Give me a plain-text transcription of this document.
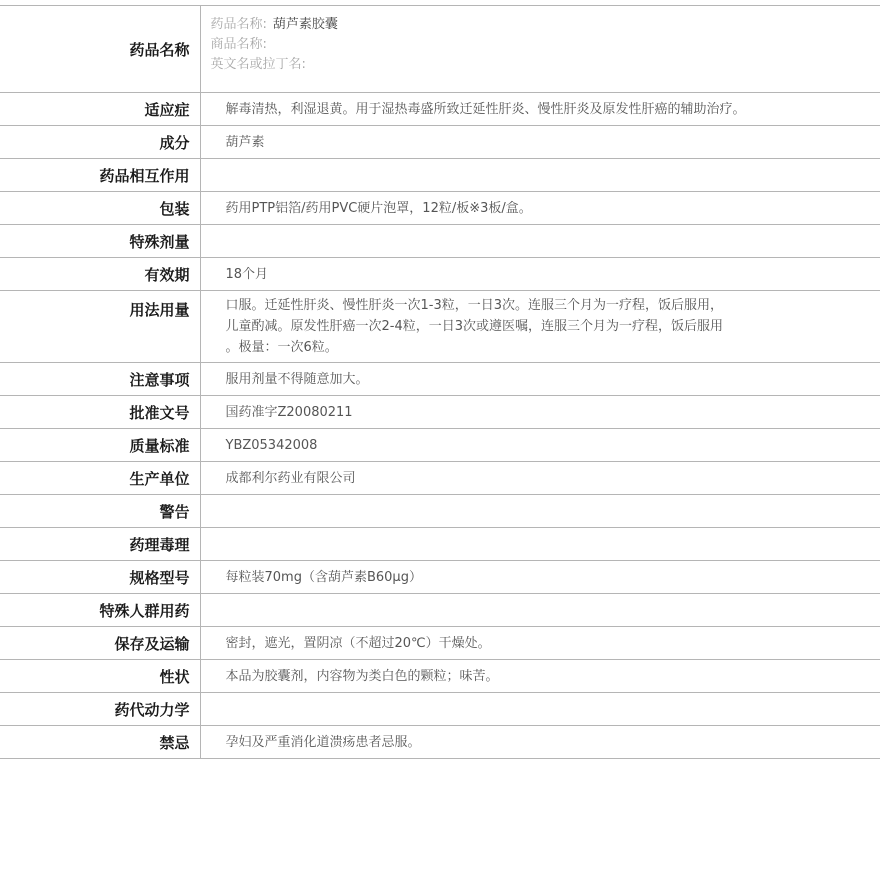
药品名称	药品名称: 葫芦素胶囊
商品名称:
英文名或拉丁名:

适应症	解毒清热，利湿退黄。用于湿热毒盛所致迁延性肝炎、慢性肝炎及原发性肝癌的辅助治疗。
成分	葫芦素
药品相互作用	
包装	药用PTP铝箔/药用PVC硬片泡罩，12粒/板※3板/盒。
特殊剂量	
有效期	18个月
用法用量	口服。迁延性肝炎、慢性肝炎一次1-3粒，一日3次。连服三个月为一疗程，饭后服用，
儿童酌减。原发性肝癌一次2-4粒，一日3次或遵医嘱，连服三个月为一疗程，饭后服用
。极量：一次6粒。

注意事项	服用剂量不得随意加大。
批准文号	国药准字Z20080211
质量标准	YBZ05342008
生产单位	成都利尔药业有限公司
警告	
药理毒理	
规格型号	每粒装70mg（含葫芦素B60μg）
特殊人群用药	
保存及运输	密封，遮光，置阴凉（不超过20℃）干燥处。
性状	本品为胶囊剂，内容物为类白色的颗粒；味苦。
药代动力学	
禁忌	孕妇及严重消化道溃疡患者忌服。
